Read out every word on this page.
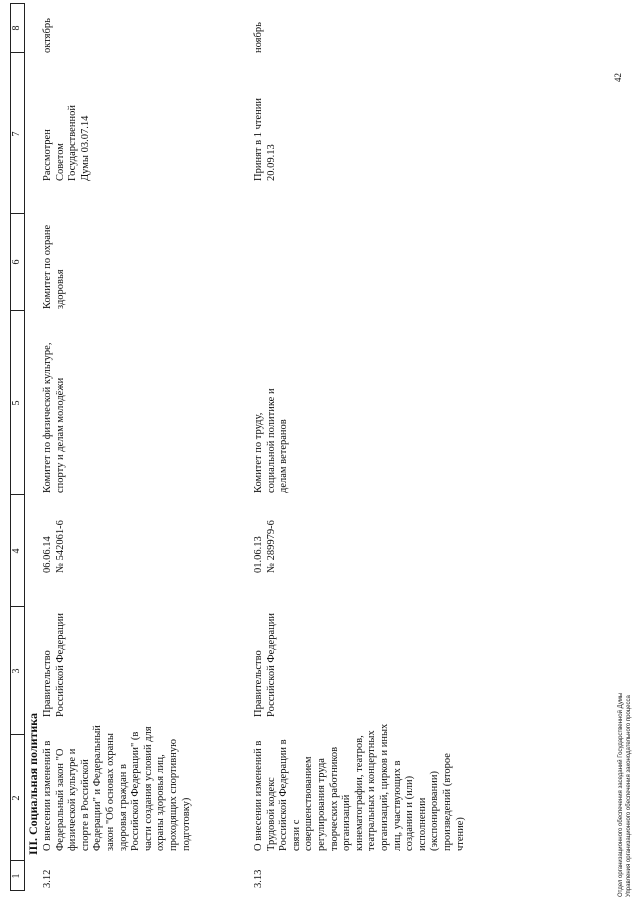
1
2
3
4
5
6
7
8
III. Социальная политика
3.12
О внесении изменений в Федеральный закон "О физической культуре и спорте в Российской Федерации" и Федеральный закон "Об основах охраны здоровья граждан в Российской Федерации" (в части создания условий для охраны здоровья лиц, проходящих спортивную подготовку)
Правительство Российской Федерации
06.06.14 № 542061-6
Комитет по физической культуре, спорту и делам молодёжи
Комитет по охране здоровья
Рассмотрен Советом Государственной Думы 03.07.14
октябрь
3.13
О внесении изменений в Трудовой кодекс Российской Федерации в связи с совершенствованием регулирования труда творческих работников организаций кинематографии, театров, театральных и концертных организаций, цирков и иных лиц, участвующих в создании и (или) исполнении (экспонировании) произведений (второе чтение)
Правительство Российской Федерации
01.06.13 № 289979-6
Комитет по труду, социальной политике и делам ветеранов
Принят в 1 чтении 20.09.13
ноябрь
Отдел организационного обеспечения заседаний Государственной Думы Управления организационного обеспечения законодательного процесса
42
